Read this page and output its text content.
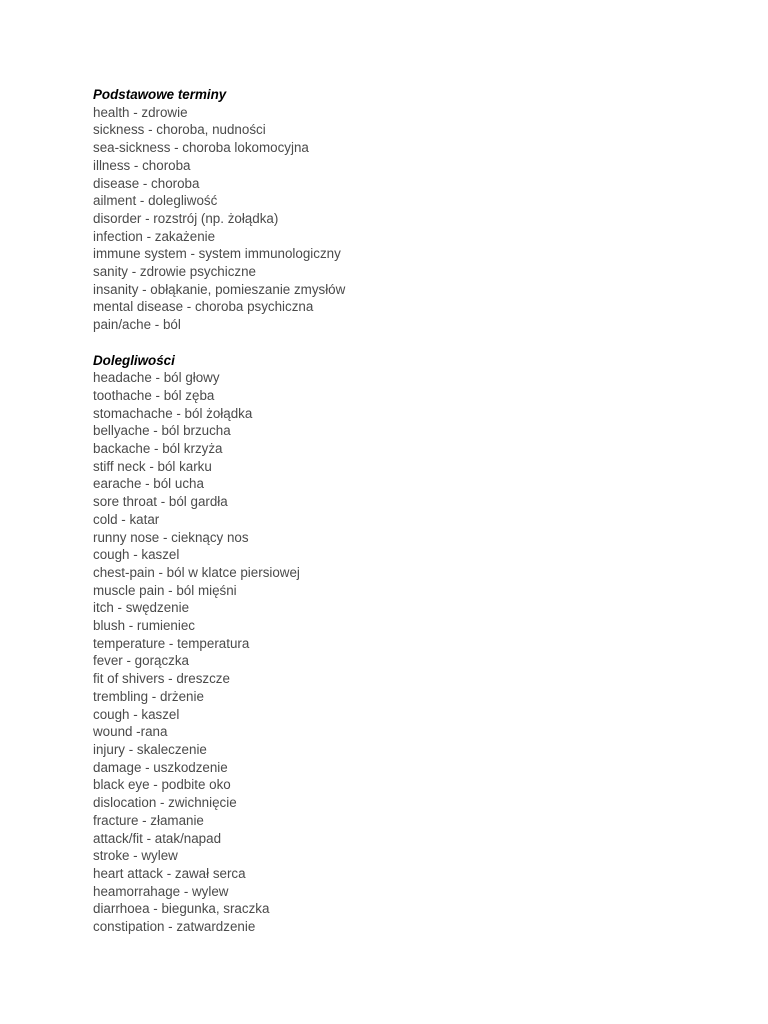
Podstawowe terminy
health - zdrowie
sickness - choroba, nudności
sea-sickness - choroba lokomocyjna
illness - choroba
disease - choroba
ailment - dolegliwość
disorder - rozstrój (np. żołądka)
infection - zakażenie
immune system - system immunologiczny
sanity - zdrowie psychiczne
insanity - obłąkanie, pomieszanie zmysłów
mental disease - choroba psychiczna
pain/ache - ból
Dolegliwości
headache - ból głowy
toothache - ból zęba
stomachache - ból żołądka
bellyache - ból brzucha
backache - ból krzyża
stiff neck - ból karku
earache - ból ucha
sore throat - ból gardła
cold - katar
runny nose - cieknący nos
cough - kaszel
chest-pain - ból w klatce piersiowej
muscle pain - ból mięśni
itch - swędzenie
blush - rumieniec
temperature - temperatura
fever - gorączka
fit of shivers - dreszcze
trembling - drżenie
cough - kaszel
wound -rana
injury - skaleczenie
damage - uszkodzenie
black eye - podbite oko
dislocation - zwichnięcie
fracture - złamanie
attack/fit - atak/napad
stroke - wylew
heart attack - zawał serca
heamorrahage - wylew
diarrhoea - biegunka, sraczka
constipation - zatwardzenie
